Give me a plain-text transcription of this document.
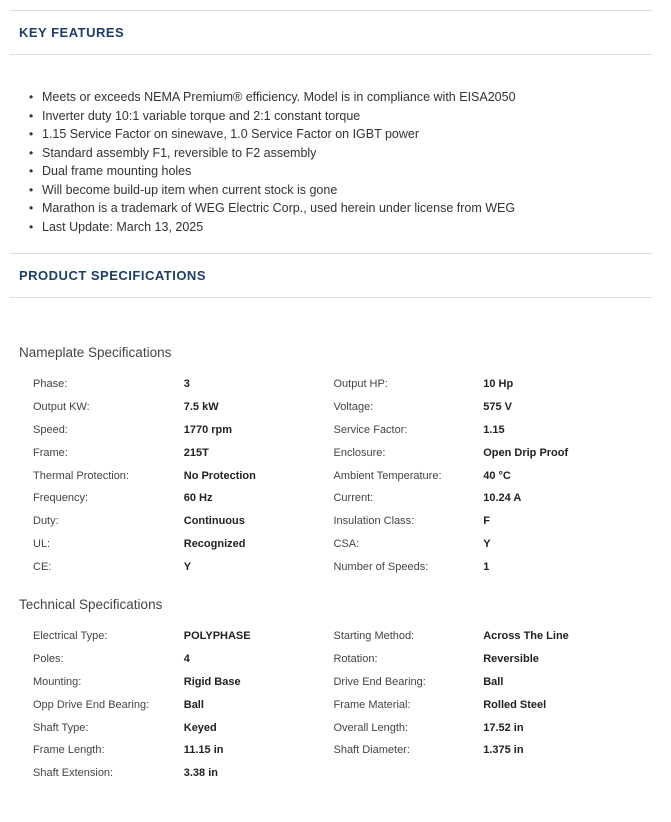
KEY FEATURES
• Meets or exceeds NEMA Premium® efficiency. Model is in compliance with EISA2050
• Inverter duty 10:1 variable torque and 2:1 constant torque
• 1.15 Service Factor on sinewave, 1.0 Service Factor on IGBT power
• Standard assembly F1, reversible to F2 assembly
• Dual frame mounting holes
• Will become build-up item when current stock is gone
• Marathon is a trademark of WEG Electric Corp., used herein under license from WEG
• Last Update: March 13, 2025
PRODUCT SPECIFICATIONS
Nameplate Specifications
Phase:	3	Output HP:	10 Hp
Output KW:	7.5 kW	Voltage:	575 V
Speed:	1770 rpm	Service Factor:	1.15
Frame:	215T	Enclosure:	Open Drip Proof
Thermal Protection:	No Protection	Ambient Temperature:	40 °C
Frequency:	60 Hz	Current:	10.24 A
Duty:	Continuous	Insulation Class:	F
UL:	Recognized	CSA:	Y
CE:	Y	Number of Speeds:	1
Technical Specifications
Electrical Type:	POLYPHASE	Starting Method:	Across The Line
Poles:	4	Rotation:	Reversible
Mounting:	Rigid Base	Drive End Bearing:	Ball
Opp Drive End Bearing:	Ball	Frame Material:	Rolled Steel
Shaft Type:	Keyed	Overall Length:	17.52 in
Frame Length:	11.15 in	Shaft Diameter:	1.375 in
Shaft Extension:	3.38 in		
